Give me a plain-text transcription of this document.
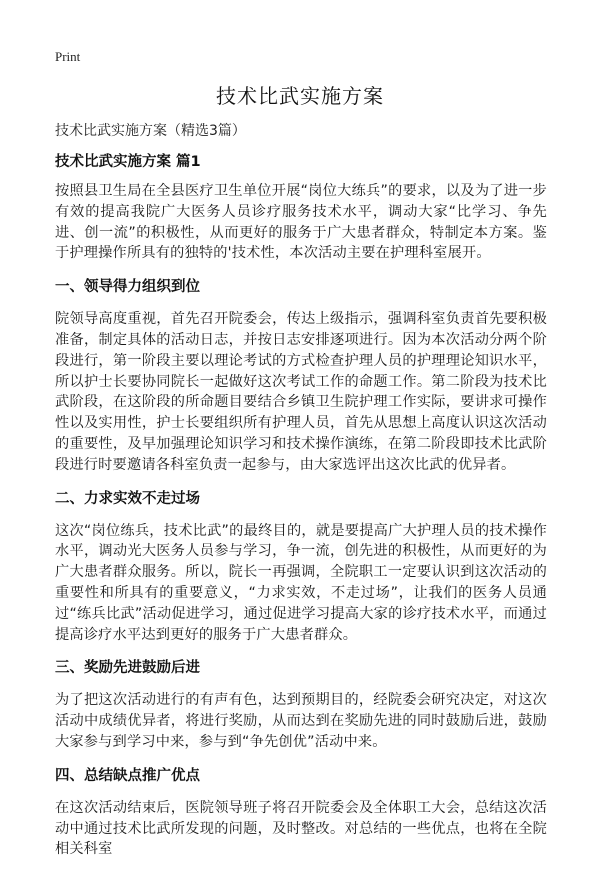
Print
技术比武实施方案
技术比武实施方案（精选3篇）
技术比武实施方案 篇1

按照县卫生局在全县医疗卫生单位开展“岗位大练兵”的要求，以及为了进一步有效的提高我院广大医务人员诊疗服务技术水平，调动大家“比学习、争先进、创一流”的积极性，从而更好的服务于广大患者群众，特制定本方案。鉴于护理操作所具有的独特的'技术性，本次活动主要在护理科室展开。

一、领导得力组织到位

院领导高度重视，首先召开院委会，传达上级指示，强调科室负责首先要积极准备，制定具体的活动日志，并按日志安排逐项进行。因为本次活动分两个阶段进行，第一阶段主要以理论考试的方式检查护理人员的护理理论知识水平，所以护士长要协同院长一起做好这次考试工作的命题工作。第二阶段为技术比武阶段，在这阶段的所命题目要结合乡镇卫生院护理工作实际，要讲求可操作性以及实用性，护士长要组织所有护理人员，首先从思想上高度认识这次活动的重要性，及早加强理论知识学习和技术操作演练，在第二阶段即技术比武阶段进行时要邀请各科室负责一起参与，由大家选评出这次比武的优异者。

二、力求实效不走过场

这次“岗位练兵，技术比武”的最终目的，就是要提高广大护理人员的技术操作水平，调动光大医务人员参与学习，争一流，创先进的积极性，从而更好的为广大患者群众服务。所以，院长一再强调，全院职工一定要认识到这次活动的重要性和所具有的重要意义，“力求实效，不走过场”，让我们的医务人员通过“练兵比武”活动促进学习，通过促进学习提高大家的诊疗技术水平，而通过提高诊疗水平达到更好的服务于广大患者群众。

三、奖励先进鼓励后进

为了把这次活动进行的有声有色，达到预期目的，经院委会研究决定，对这次活动中成绩优异者，将进行奖励，从而达到在奖励先进的同时鼓励后进，鼓励大家参与到学习中来，参与到“争先创优”活动中来。

四、总结缺点推广优点

在这次活动结束后，医院领导班子将召开院委会及全体职工大会，总结这次活动中通过技术比武所发现的问题，及时整改。对总结的一些优点，也将在全院相关科室
